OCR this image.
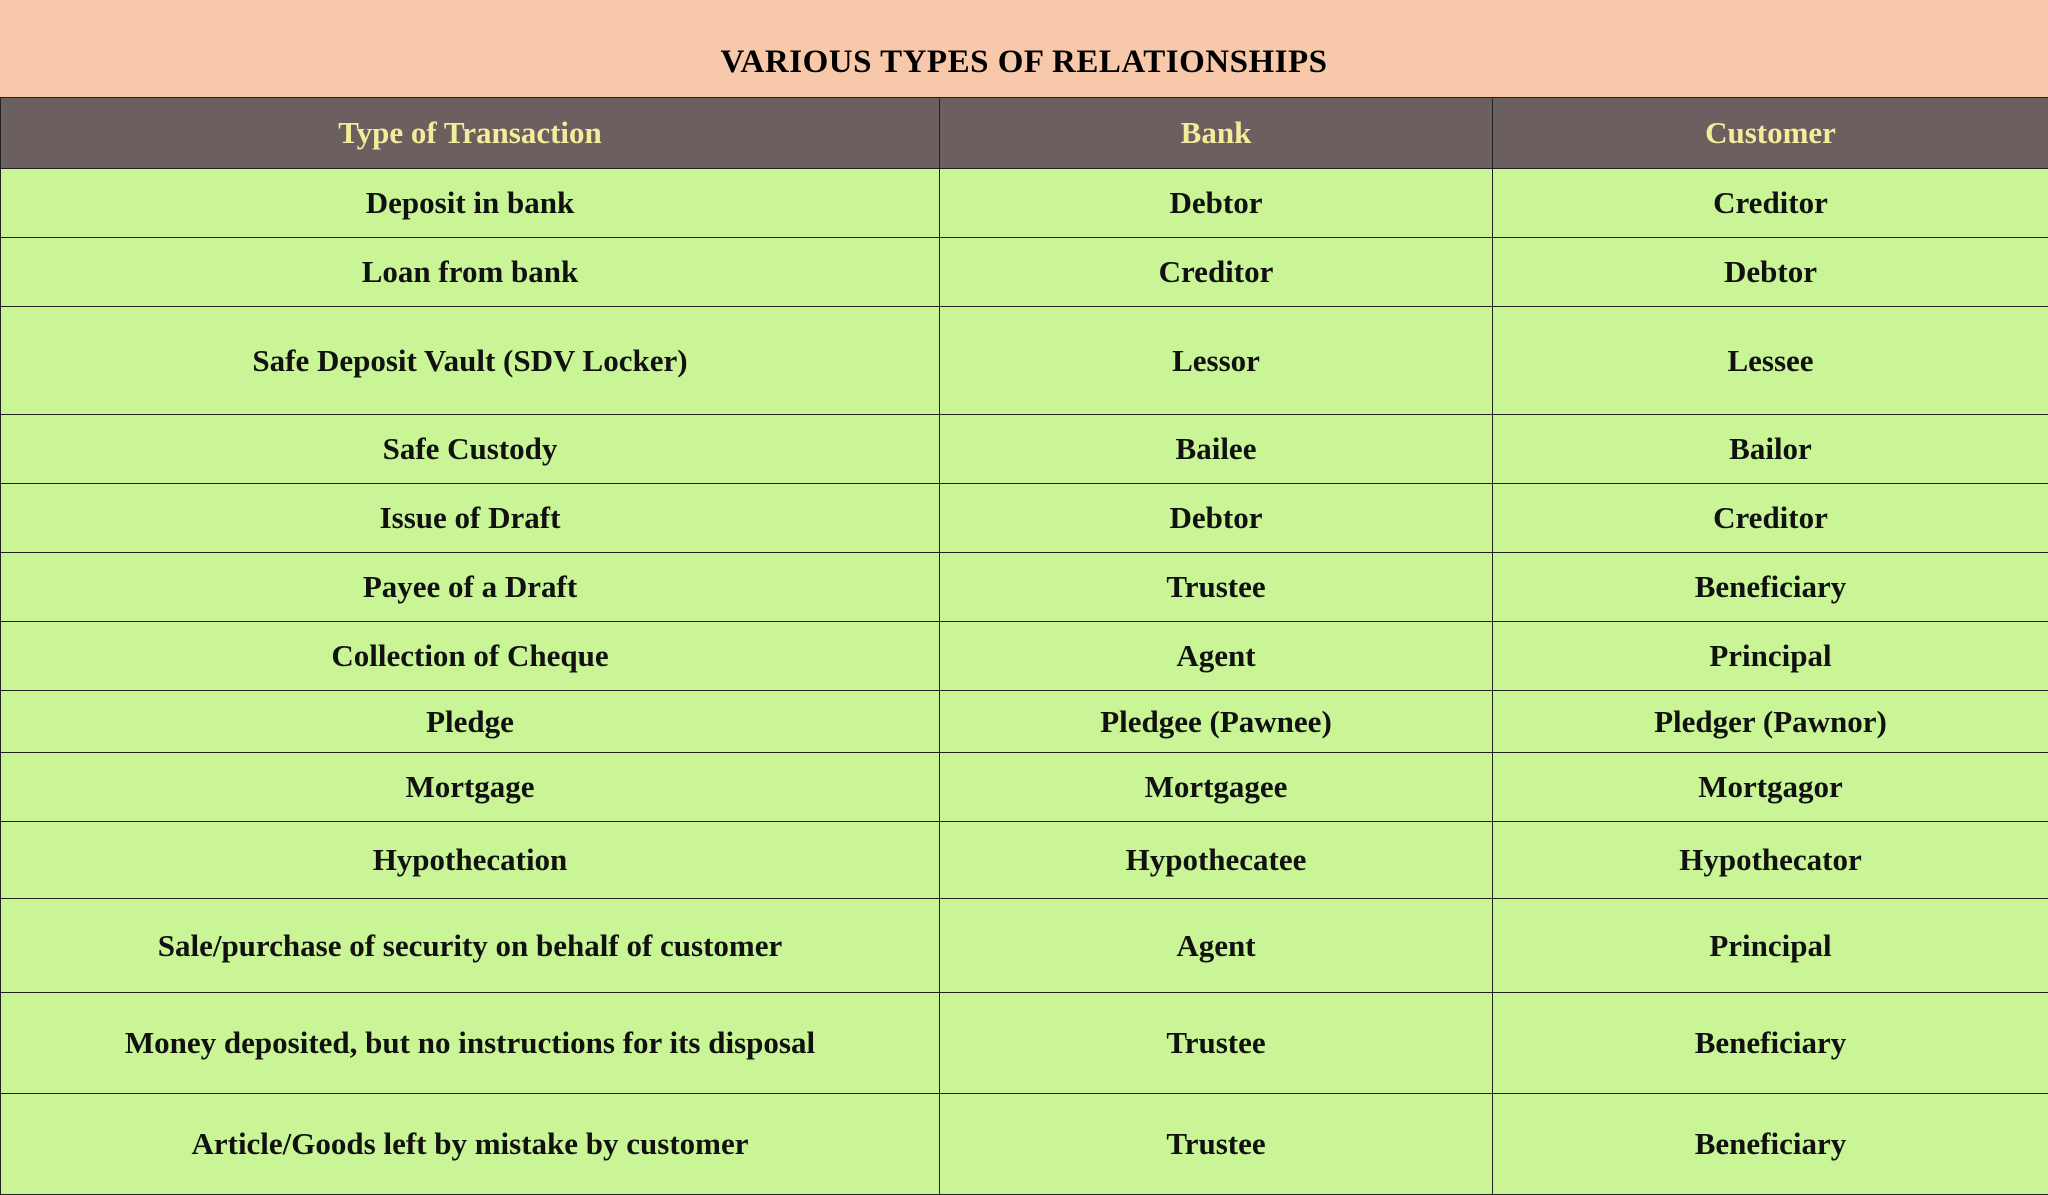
VARIOUS TYPES OF RELATIONSHIPS
Type of Transaction	Bank	Customer
Deposit in bank	Debtor	Creditor
Loan from bank	Creditor	Debtor
Safe Deposit Vault (SDV Locker)	Lessor	Lessee
Safe Custody	Bailee	Bailor
Issue of Draft	Debtor	Creditor
Payee of a Draft	Trustee	Beneficiary
Collection of Cheque	Agent	Principal
Pledge	Pledgee (Pawnee)	Pledger (Pawnor)
Mortgage	Mortgagee	Mortgagor
Hypothecation	Hypothecatee	Hypothecator
Sale/purchase of security on behalf of customer	Agent	Principal
Money deposited, but no instructions for its disposal	Trustee	Beneficiary
Article/Goods left by mistake by customer	Trustee	Beneficiary
